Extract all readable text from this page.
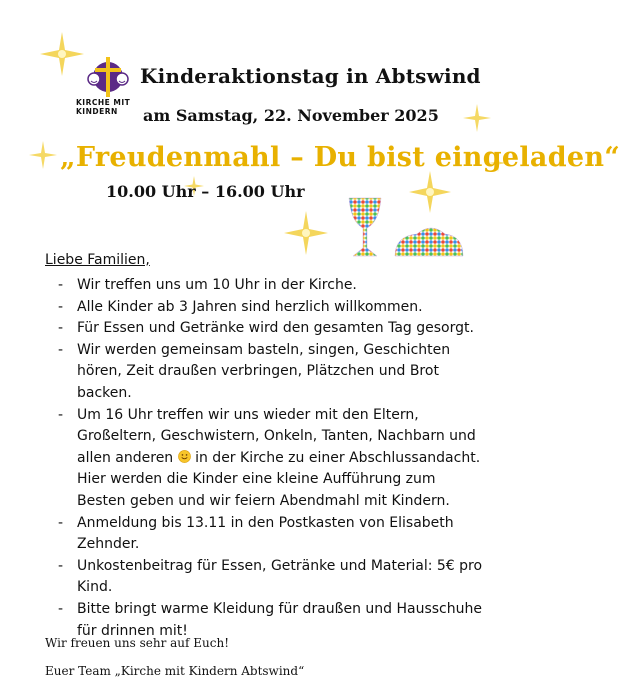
KIRCHE MIT
KINDERN
Kinderaktionstag in Abtswind
am Samstag, 22. November 2025
„Freudenmahl – Du bist eingeladen“
10.00 Uhr – 16.00 Uhr
Liebe Familien,
- Wir treffen uns um 10 Uhr in der Kirche.
- Alle Kinder ab 3 Jahren sind herzlich willkommen.
- Für Essen und Getränke wird den gesamten Tag gesorgt.
- Wir werden gemeinsam basteln, singen, Geschichten hören, Zeit draußen verbringen, Plätzchen und Brot backen.
- Um 16 Uhr treffen wir uns wieder mit den Eltern, Großeltern, Geschwistern, Onkeln, Tanten, Nachbarn und allen anderen in der Kirche zu einer Abschlussandacht. Hier werden die Kinder eine kleine Aufführung zum Besten geben und wir feiern Abendmahl mit Kindern.
- Anmeldung bis 13.11 in den Postkasten von Elisabeth Zehnder.
- Unkostenbeitrag für Essen, Getränke und Material: 5€ pro Kind.
- Bitte bringt warme Kleidung für draußen und Hausschuhe für drinnen mit!
Wir freuen uns sehr auf Euch!
Euer Team „Kirche mit Kindern Abtswind“
